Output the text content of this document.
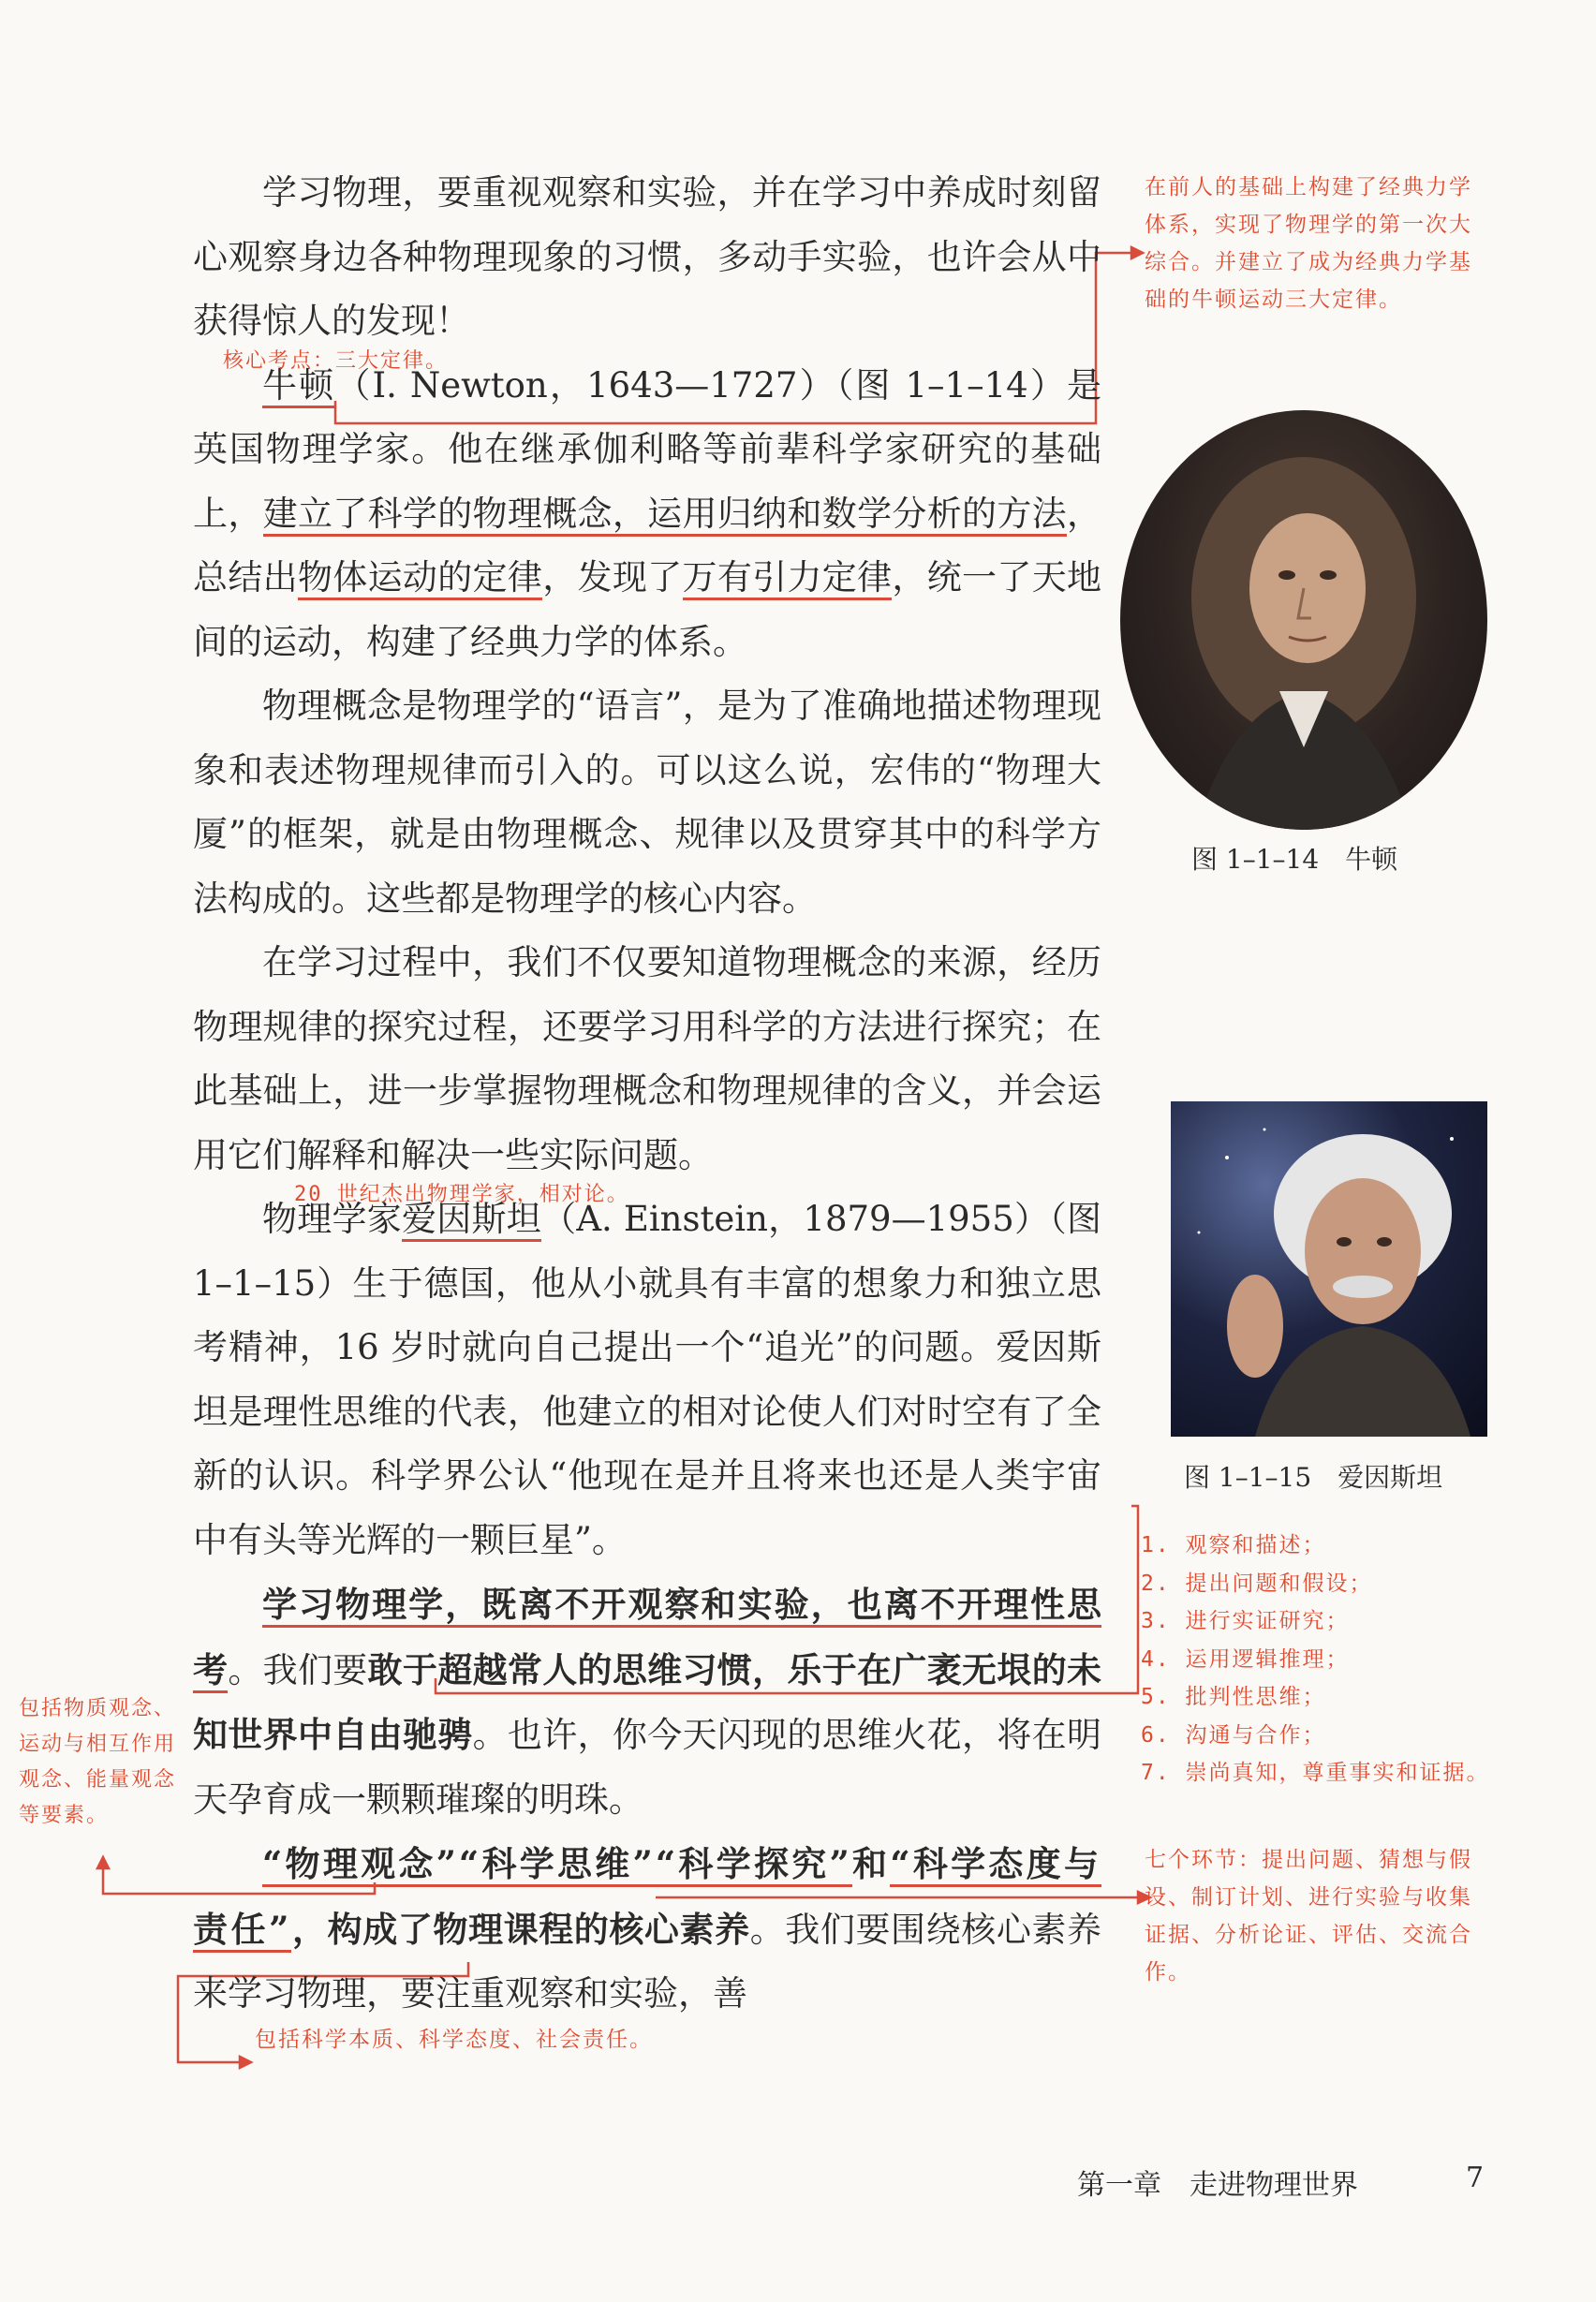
学习物理，要重视观察和实验，并在学习中养成时刻留心观察身边各种物理现象的习惯，多动手实验，也许会从中获得惊人的发现！

牛顿（I. Newton，1643—1727）（图 1–1–14）是英国物理学家。他在继承伽利略等前辈科学家研究的基础上，建立了科学的物理概念，运用归纳和数学分析的方法，总结出物体运动的定律，发现了万有引力定律，统一了天地间的运动，构建了经典力学的体系。

物理概念是物理学的“语言”，是为了准确地描述物理现象和表述物理规律而引入的。可以这么说，宏伟的“物理大厦”的框架，就是由物理概念、规律以及贯穿其中的科学方法构成的。这些都是物理学的核心内容。

在学习过程中，我们不仅要知道物理概念的来源，经历物理规律的探究过程，还要学习用科学的方法进行探究；在此基础上，进一步掌握物理概念和物理规律的含义，并会运用它们解释和解决一些实际问题。

物理学家爱因斯坦（A. Einstein，1879—1955）（图 1–1–15）生于德国，他从小就具有丰富的想象力和独立思考精神，16 岁时就向自己提出一个“追光”的问题。爱因斯坦是理性思维的代表，他建立的相对论使人们对时空有了全新的认识。科学界公认“他现在是并且将来也还是人类宇宙中有头等光辉的一颗巨星”。

学习物理学，既离不开观察和实验，也离不开理性思考。我们要敢于超越常人的思维习惯，乐于在广袤无垠的未知世界中自由驰骋。也许，你今天闪现的思维火花，将在明天孕育成一颗颗璀璨的明珠。

“物理观念”“科学思维”“科学探究”和“科学态度与责任”，构成了物理课程的核心素养。我们要围绕核心素养来学习物理，要注重观察和实验，善

在前人的基础上构建了经典力学体系，实现了物理学的第一次大综合。并建立了成为经典力学基础的牛顿运动三大定律。
核心考点：三大定律。
20 世纪杰出物理学家，相对论。
1. 观察和描述；
2. 提出问题和假设；
3. 进行实证研究；
4. 运用逻辑推理；
5. 批判性思维；
6. 沟通与合作；
7. 崇尚真知，尊重事实和证据。
包括物质观念、运动与相互作用观念、能量观念等要素。
七个环节：提出问题、猜想与假设、制订计划、进行实验与收集证据、分析论证、评估、交流合作。
包括科学本质、科学态度、社会责任。
图 1–1–14　牛顿
图 1–1–15　爱因斯坦
第一章　走进物理世界	7
